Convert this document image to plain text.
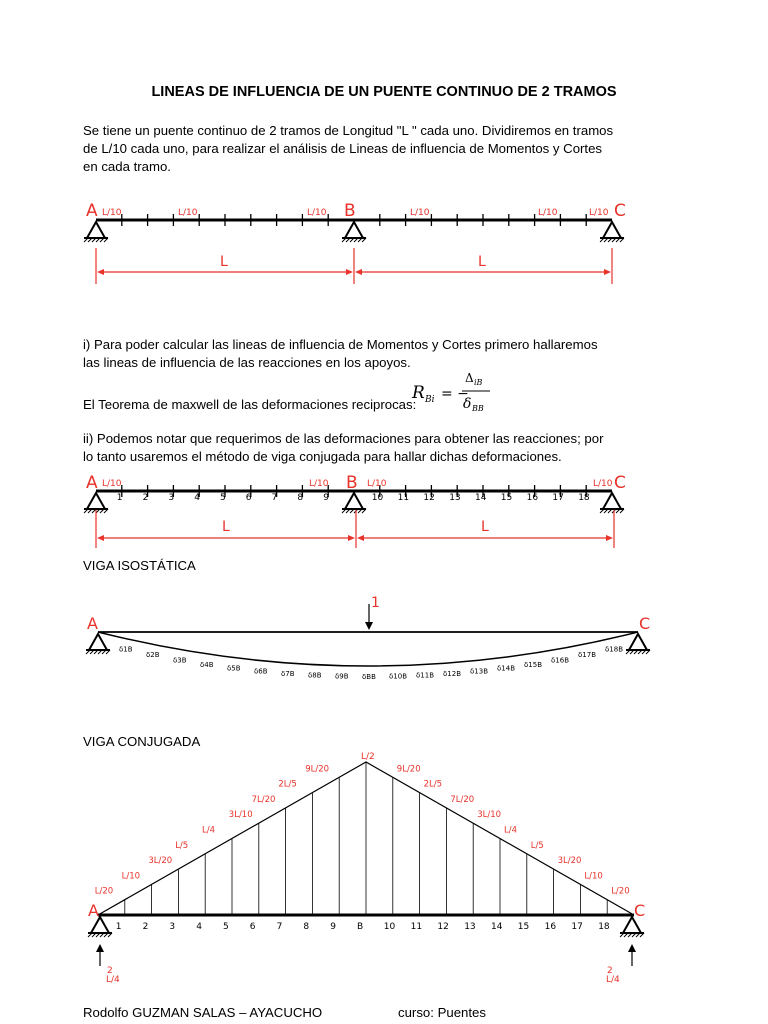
LINEAS DE INFLUENCIA DE UN PUENTE CONTINUO DE 2 TRAMOS
Se tiene un puente continuo de 2 tramos de Longitud "L " cada uno. Dividiremos en tramos
de L/10 cada uno, para realizar el análisis de Lineas de influencia de Momentos y Cortes
en cada tramo.
i) Para poder calcular las lineas de influencia de Momentos y Cortes primero hallaremos
las lineas de influencia de las reacciones en los apoyos.
El Teorema de maxwell de las deformaciones reciprocas:
ii) Podemos notar que requerimos de las deformaciones para obtener las reacciones; por
lo tanto usaremos el método de viga conjugada para hallar dichas deformaciones.
VIGA ISOSTÁTICA
VIGA CONJUGADA
Rodolfo GUZMAN SALAS – AYACUCHO	curso: Puentes
R Bi = −
Δ iB
δ BB
A	B	C
L/10	L/10	L/10	L/10	L/10	L/10
L	L
1 2 3 4 5 6 7 8 9	10 11 12 13 14 15 16 17 18
A	B	C
L/10	L/10	L/10	L/10
L	L
A	C
1
δ1B
δ2B
δ3B
δ4B δ5B δ6B δ7B δ8B δ9B δBB δ10B δ11B δ12B δ13B δ14B δ15B
δ16B
δ17B
δ18B
1 2 3 4 5 6 7 8 9 B 10 11 12 13 14 15 16 17 18
L/20
9L/20
L/10
2L/5
3L/20
7L/20
L/5
3L/10
L/4	L/4
3L/10
L/5
7L/20
3L/20
2L/5
L/10
9L/20
L/20
A	C
L/2
L/4
2
L/4
2
